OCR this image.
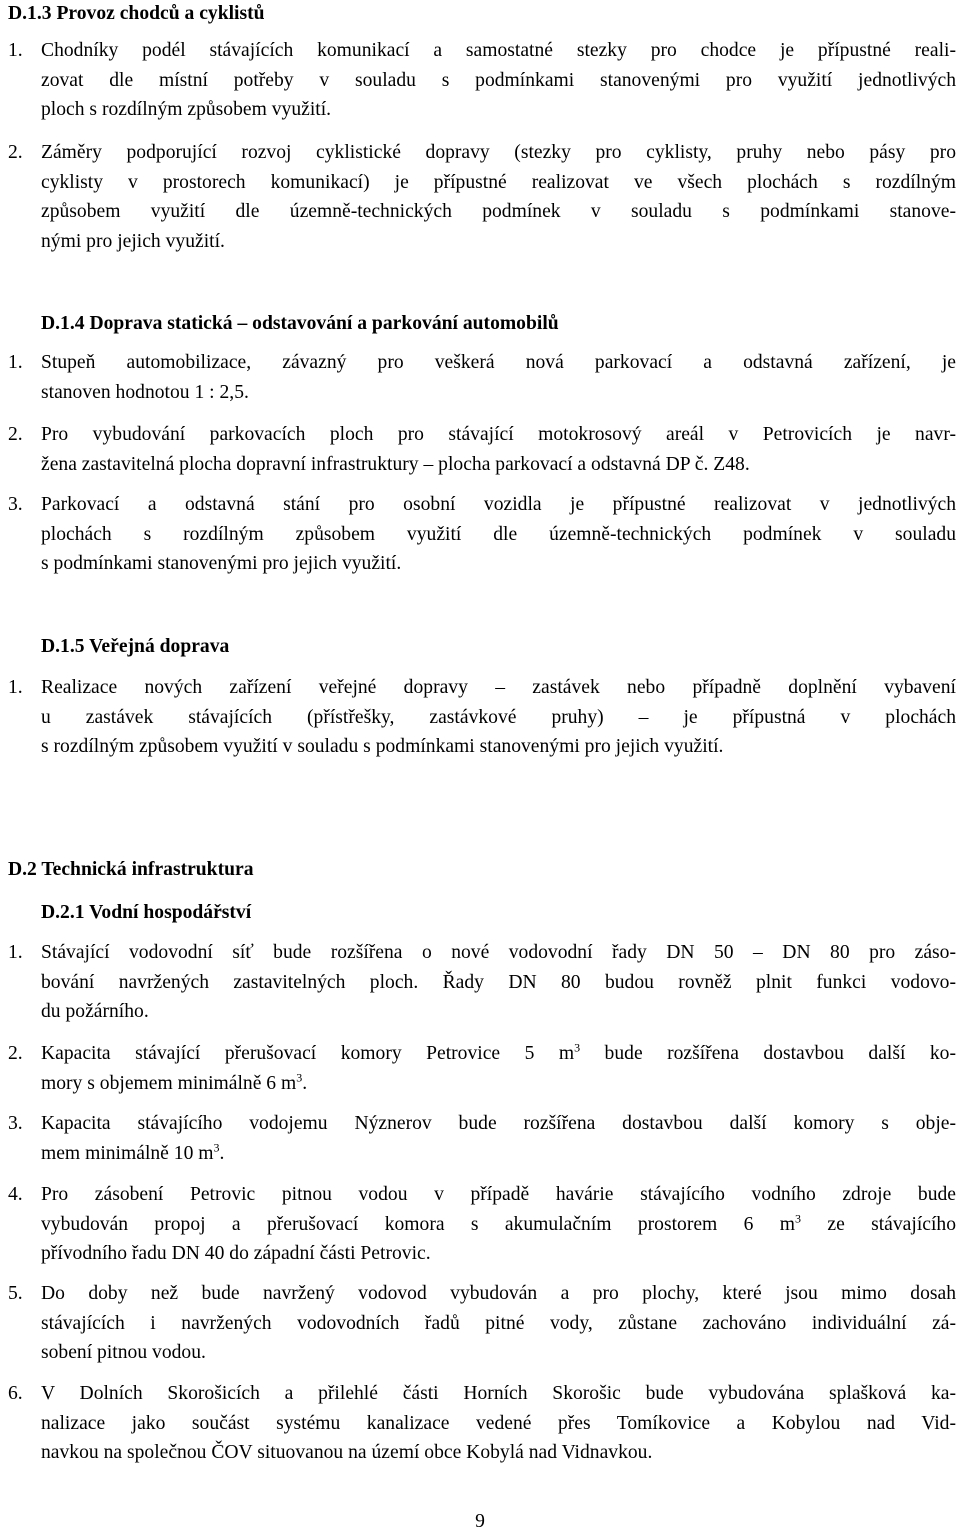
D.1.3 Provoz chodců a cyklistů
1. Chodníky podél stávajících komunikací a samostatné stezky pro chodce je přípustné reali-
zovat dle místní potřeby v souladu s podmínkami stanovenými pro využití jednotlivých
ploch s rozdílným způsobem využití.
2. Záměry podporující rozvoj cyklistické dopravy (stezky pro cyklisty, pruhy nebo pásy pro
cyklisty v prostorech komunikací) je přípustné realizovat ve všech plochách s rozdílným
způsobem využití dle územně-technických podmínek v souladu s podmínkami stanove-
nými pro jejich využití.
D.1.4 Doprava statická – odstavování a parkování automobilů
1. Stupeň automobilizace, závazný pro veškerá nová parkovací a odstavná zařízení, je
stanoven hodnotou 1 : 2,5.
2. Pro vybudování parkovacích ploch pro stávající motokrosový areál v Petrovicích je navr-
žena zastavitelná plocha dopravní infrastruktury – plocha parkovací a odstavná DP č. Z48.
3. Parkovací a odstavná stání pro osobní vozidla je přípustné realizovat v jednotlivých
plochách s rozdílným způsobem využití dle územně-technických podmínek v souladu
s podmínkami stanovenými pro jejich využití.
D.1.5 Veřejná doprava
1. Realizace nových zařízení veřejné dopravy – zastávek nebo případně doplnění vybavení
u zastávek stávajících (přístřešky, zastávkové pruhy) – je přípustná v plochách
s rozdílným způsobem využití v souladu s podmínkami stanovenými pro jejich využití.
D.2 Technická infrastruktura
D.2.1 Vodní hospodářství
1. Stávající vodovodní síť bude rozšířena o nové vodovodní řady DN 50 – DN 80 pro záso-
bování navržených zastavitelných ploch. Řady DN 80 budou rovněž plnit funkci vodovo-
du požárního.
2. Kapacita stávající přerušovací komory Petrovice 5 $m^3$ bude rozšířena dostavbou další ko-
mory s objemem minimálně 6 $m^3$.
3. Kapacita stávajícího vodojemu Nýznerov bude rozšířena dostavbou další komory s obje-
mem minimálně 10 $m^3$.
4. Pro zásobení Petrovic pitnou vodou v případě havárie stávajícího vodního zdroje bude
vybudován propoj a přerušovací komora s akumulačním prostorem 6 $m^3$ ze stávajícího
přívodního řadu DN 40 do západní části Petrovic.
5. Do doby než bude navržený vodovod vybudován a pro plochy, které jsou mimo dosah
stávajících i navržených vodovodních řadů pitné vody, zůstane zachováno individuální zá-
sobení pitnou vodou.
6. V Dolních Skorošicích a přilehlé části Horních Skorošic bude vybudována splašková ka-
nalizace jako součást systému kanalizace vedené přes Tomíkovice a Kobylou nad Vid-
navkou na společnou ČOV situovanou na území obce Kobylá nad Vidnavkou.
9
